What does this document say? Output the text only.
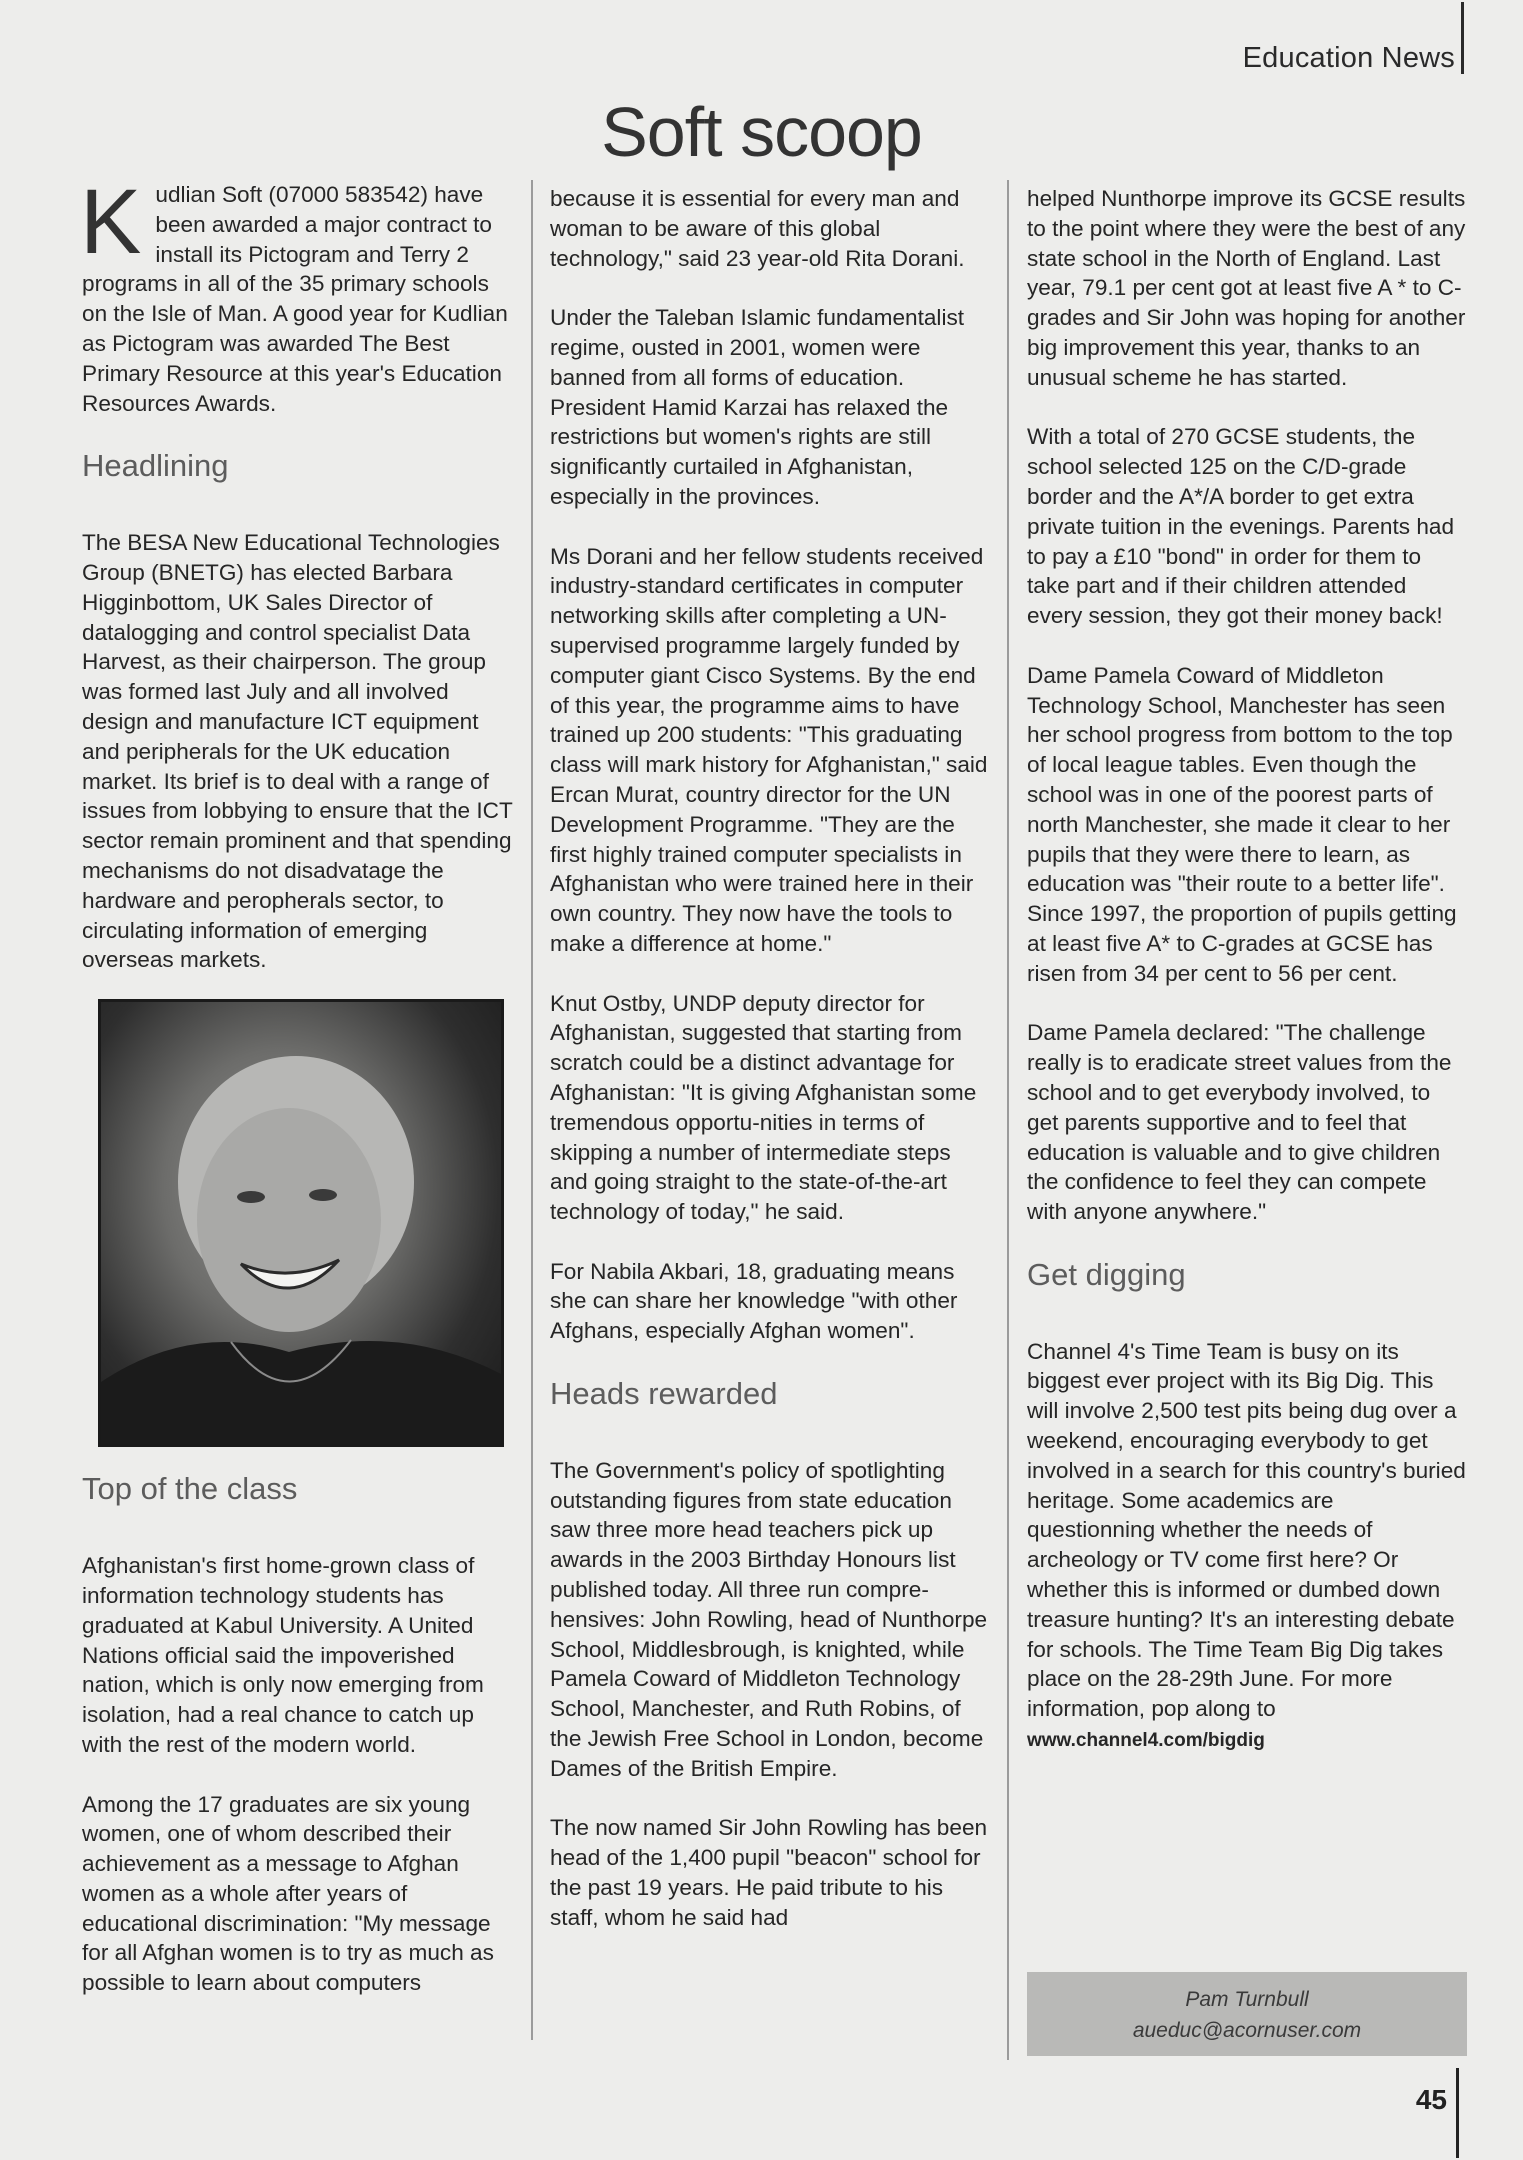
Education News
Soft scoop

Kudlian Soft (07000 583542) have been awarded a major contract to install its Pictogram and Terry 2 programs in all of the 35 primary schools on the Isle of Man. A good year for Kudlian as Pictogram was awarded The Best Primary Resource at this year's Education Resources Awards.

Headlining

The BESA New Educational Technologies Group (BNETG) has elected Barbara Higginbottom, UK Sales Director of datalogging and control specialist Data Harvest, as their chairperson. The group was formed last July and all involved design and manufacture ICT equipment and peripherals for the UK education market. Its brief is to deal with a range of issues from lobbying to ensure that the ICT sector remain prominent and that spending mechanisms do not disadvatage the hardware and peropherals sector, to circulating information of emerging overseas markets.

Top of the class

Afghanistan's first home-grown class of information technology students has graduated at Kabul University. A United Nations official said the impoverished nation, which is only now emerging from isolation, had a real chance to catch up with the rest of the modern world.

Among the 17 graduates are six young women, one of whom described their achievement as a message to Afghan women as a whole after years of educational discrimination: "My message for all Afghan women is to try as much as possible to learn about computers

because it is essential for every man and woman to be aware of this global technology," said 23 year-old Rita Dorani.

Under the Taleban Islamic fundamentalist regime, ousted in 2001, women were banned from all forms of education. President Hamid Karzai has relaxed the restrictions but women's rights are still significantly curtailed in Afghanistan, especially in the provinces.

Ms Dorani and her fellow students received industry-standard certificates in computer networking skills after completing a UN-supervised programme largely funded by computer giant Cisco Systems. By the end of this year, the programme aims to have trained up 200 students: "This graduating class will mark history for Afghanistan," said Ercan Murat, country director for the UN Development Programme. "They are the first highly trained computer specialists in Afghanistan who were trained here in their own country. They now have the tools to make a difference at home."

Knut Ostby, UNDP deputy director for Afghanistan, suggested that starting from scratch could be a distinct advantage for Afghanistan: "It is giving Afghanistan some tremendous opportu-nities in terms of skipping a number of intermediate steps and going straight to the state-of-the-art technology of today," he said.

For Nabila Akbari, 18, graduating means she can share her knowledge "with other Afghans, especially Afghan women".

Heads rewarded

The Government's policy of spotlighting outstanding figures from state education saw three more head teachers pick up awards in the 2003 Birthday Honours list published today. All three run compre-hensives: John Rowling, head of Nunthorpe School, Middlesbrough, is knighted, while Pamela Coward of Middleton Technology School, Manchester, and Ruth Robins, of the Jewish Free School in London, become Dames of the British Empire.

The now named Sir John Rowling has been head of the 1,400 pupil "beacon" school for the past 19 years. He paid tribute to his staff, whom he said had

helped Nunthorpe improve its GCSE results to the point where they were the best of any state school in the North of England. Last year, 79.1 per cent got at least five A * to C-grades and Sir John was hoping for another big improvement this year, thanks to an unusual scheme he has started.

With a total of 270 GCSE students, the school selected 125 on the C/D-grade border and the A*/A border to get extra private tuition in the evenings. Parents had to pay a £10 "bond" in order for them to take part and if their children attended every session, they got their money back!

Dame Pamela Coward of Middleton Technology School, Manchester has seen her school progress from bottom to the top of local league tables. Even though the school was in one of the poorest parts of north Manchester, she made it clear to her pupils that they were there to learn, as education was "their route to a better life". Since 1997, the proportion of pupils getting at least five A* to C-grades at GCSE has risen from 34 per cent to 56 per cent.

Dame Pamela declared: "The challenge really is to eradicate street values from the school and to get everybody involved, to get parents supportive and to feel that education is valuable and to give children the confidence to feel they can compete with anyone anywhere."

Get digging

Channel 4's Time Team is busy on its biggest ever project with its Big Dig. This will involve 2,500 test pits being dug over a weekend, encouraging everybody to get involved in a search for this country's buried heritage. Some academics are questionning whether the needs of archeology or TV come first here? Or whether this is informed or dumbed down treasure hunting? It's an interesting debate for schools. The Time Team Big Dig takes place on the 28-29th June. For more information, pop along to www.channel4.com/bigdig

Pam Turnbull
aueduc@acornuser.com
45
